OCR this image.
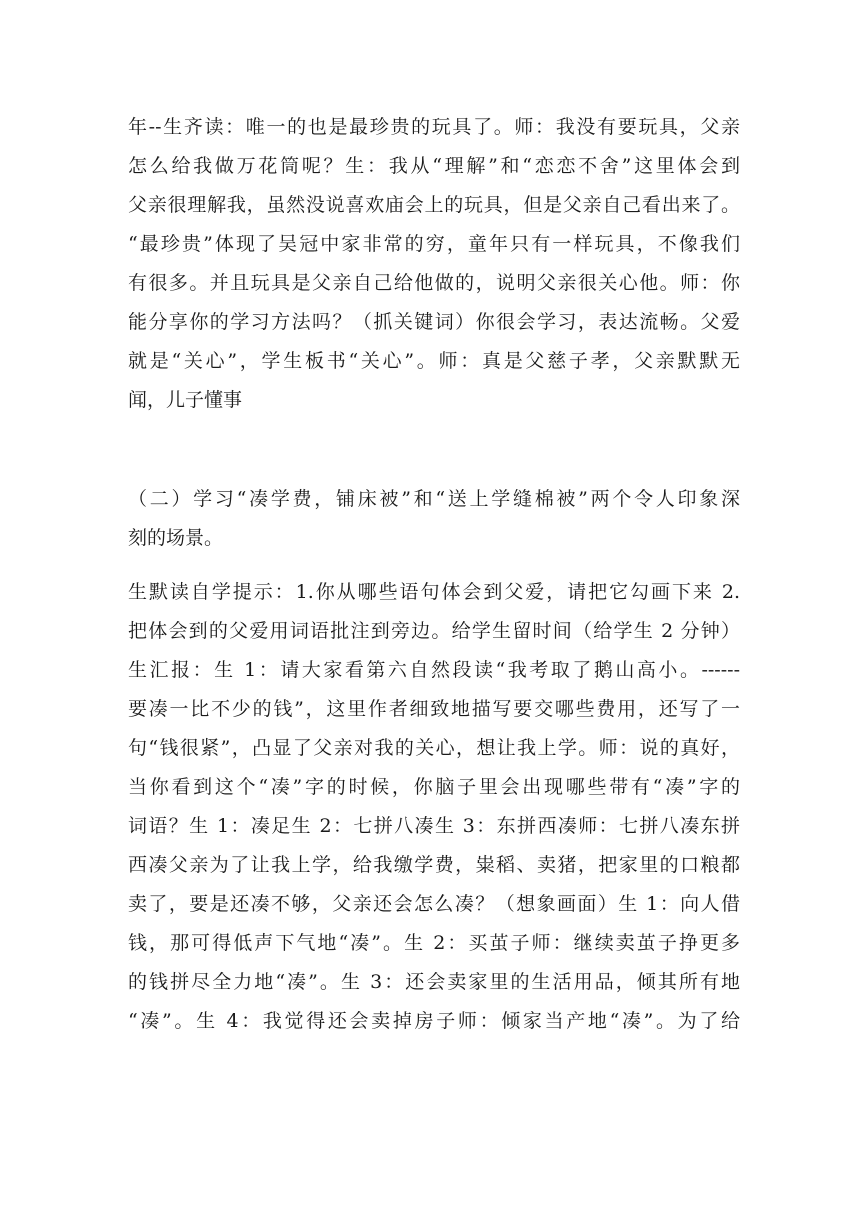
年--生齐读：唯一的也是最珍贵的玩具了。师：我没有要玩具，父亲
怎么给我做万花筒呢？生：我从“理解”和“恋恋不舍”这里体会到
父亲很理解我，虽然没说喜欢庙会上的玩具，但是父亲自己看出来了。
“最珍贵”体现了吴冠中家非常的穷，童年只有一样玩具，不像我们
有很多。并且玩具是父亲自己给他做的，说明父亲很关心他。师：你
能分享你的学习方法吗？（抓关键词）你很会学习，表达流畅。父爱
就是“关心”，学生板书“关心”。师：真是父慈子孝，父亲默默无
闻，儿子懂事
（二）学习“凑学费，铺床被”和“送上学缝棉被”两个令人印象深
刻的场景。
生默读自学提示：1.你从哪些语句体会到父爱，请把它勾画下来 2.
把体会到的父爱用词语批注到旁边。给学生留时间（给学生 2 分钟）
生汇报：生 1：请大家看第六自然段读“我考取了鹅山高小。------
要凑一比不少的钱”，这里作者细致地描写要交哪些费用，还写了一
句“钱很紧”，凸显了父亲对我的关心，想让我上学。师：说的真好，
当你看到这个“凑”字的时候，你脑子里会出现哪些带有“凑”字的
词语？生 1：凑足生 2：七拼八凑生 3：东拼西凑师：七拼八凑东拼
西凑父亲为了让我上学，给我缴学费，粜稻、卖猪，把家里的口粮都
卖了，要是还凑不够，父亲还会怎么凑？（想象画面）生 1：向人借
钱，那可得低声下气地“凑”。生 2：买茧子师：继续卖茧子挣更多
的钱拼尽全力地“凑”。生 3：还会卖家里的生活用品，倾其所有地
“凑”。生 4：我觉得还会卖掉房子师：倾家当产地“凑”。为了给
